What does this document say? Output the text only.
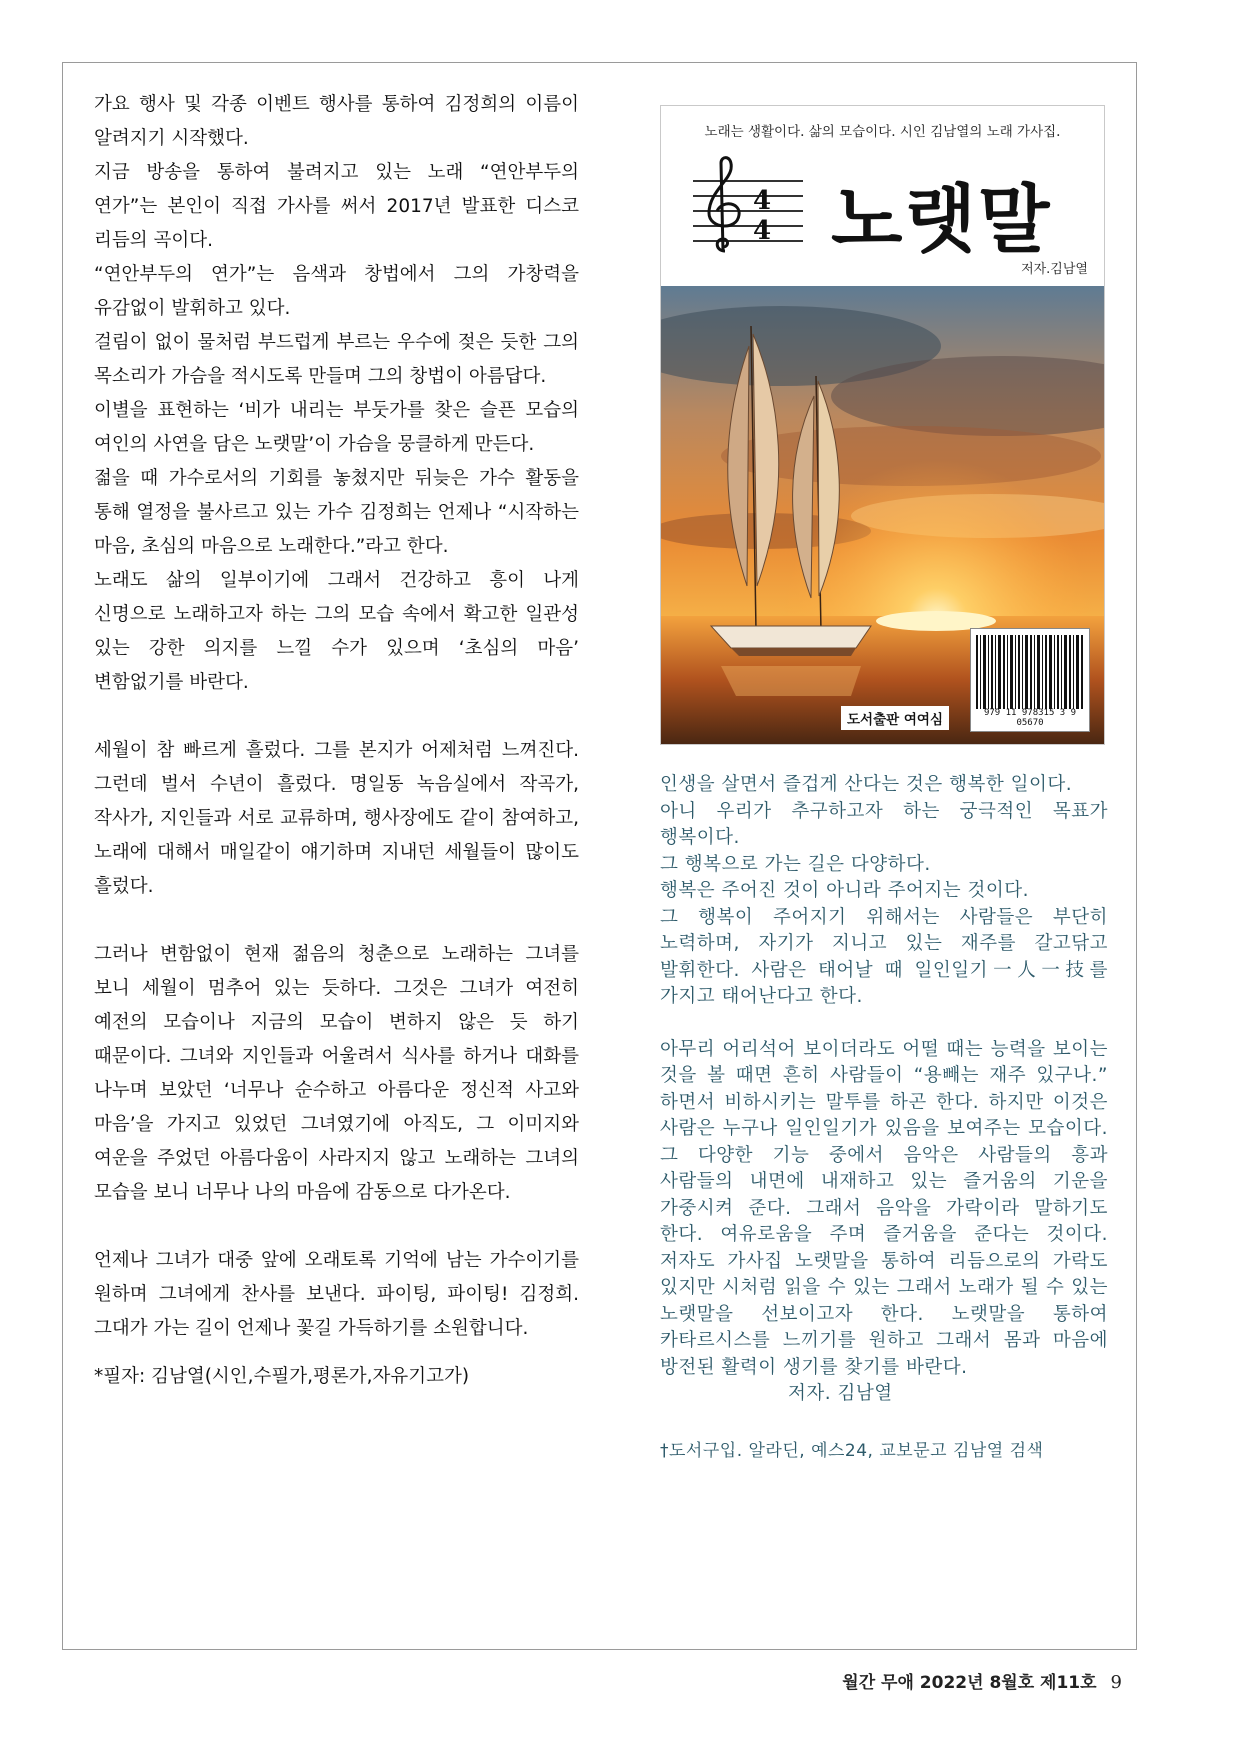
가요 행사 및 각종 이벤트 행사를 통하여 김정희의 이름이 알려지기 시작했다.

지금 방송을 통하여 불려지고 있는 노래 “연안부두의 연가”는 본인이 직접 가사를 써서 2017년 발표한 디스코 리듬의 곡이다.

“연안부두의 연가”는 음색과 창법에서 그의 가창력을 유감없이 발휘하고 있다.

걸림이 없이 물처럼 부드럽게 부르는 우수에 젖은 듯한 그의 목소리가 가슴을 적시도록 만들며 그의 창법이 아름답다.

이별을 표현하는 ‘비가 내리는 부둣가를 찾은 슬픈 모습의 여인의 사연을 담은 노랫말’이 가슴을 뭉클하게 만든다.

젊을 때 가수로서의 기회를 놓쳤지만 뒤늦은 가수 활동을 통해 열정을 불사르고 있는 가수 김정희는 언제나 “시작하는 마음, 초심의 마음으로 노래한다.”라고 한다.

노래도 삶의 일부이기에 그래서 건강하고 흥이 나게 신명으로 노래하고자 하는 그의 모습 속에서 확고한 일관성 있는 강한 의지를 느낄 수가 있으며 ‘초심의 마음’ 변함없기를 바란다.

세월이 참 빠르게 흘렀다. 그를 본지가 어제처럼 느껴진다. 그런데 벌서 수년이 흘렀다. 명일동 녹음실에서 작곡가, 작사가, 지인들과 서로 교류하며, 행사장에도 같이 참여하고, 노래에 대해서 매일같이 얘기하며 지내던 세월들이 많이도 흘렀다.

그러나 변함없이 현재 젊음의 청춘으로 노래하는 그녀를 보니 세월이 멈추어 있는 듯하다. 그것은 그녀가 여전히 예전의 모습이나 지금의 모습이 변하지 않은 듯 하기 때문이다. 그녀와 지인들과 어울려서 식사를 하거나 대화를 나누며 보았던 ‘너무나 순수하고 아름다운 정신적 사고와 마음’을 가지고 있었던 그녀였기에 아직도, 그 이미지와 여운을 주었던 아름다움이 사라지지 않고 노래하는 그녀의 모습을 보니 너무나 나의 마음에 감동으로 다가온다.

언제나 그녀가 대중 앞에 오래토록 기억에 남는 가수이기를 원하며 그녀에게 찬사를 보낸다. 파이팅, 파이팅! 김정희. 그대가 가는 길이 언제나 꽃길 가득하기를 소원합니다.

*필자: 김남열(시인,수필가,평론가,자유기고가)

노래는 생활이다. 삶의 모습이다. 시인 김남열의 노래 가사집.
4
4 노랫말
저자.김남열
979 11 978315 3 9 05670
도서출판 여여심

인생을 살면서 즐겁게 산다는 것은 행복한 일이다.

아니 우리가 추구하고자 하는 궁극적인 목표가 행복이다.

그 행복으로 가는 길은 다양하다.

행복은 주어진 것이 아니라 주어지는 것이다.

그 행복이 주어지기 위해서는 사람들은 부단히 노력하며, 자기가 지니고 있는 재주를 갈고닦고 발휘한다. 사람은 태어날 때 일인일기一人一技를 가지고 태어난다고 한다.

아무리 어리석어 보이더라도 어떨 때는 능력을 보이는 것을 볼 때면 흔히 사람들이 “용빼는 재주 있구나.” 하면서 비하시키는 말투를 하곤 한다. 하지만 이것은 사람은 누구나 일인일기가 있음을 보여주는 모습이다. 그 다양한 기능 중에서 음악은 사람들의 흥과 사람들의 내면에 내재하고 있는 즐거움의 기운을 가중시켜 준다. 그래서 음악을 가락이라 말하기도 한다. 여유로움을 주며 즐거움을 준다는 것이다. 저자도 가사집 노랫말을 통하여 리듬으로의 가락도 있지만 시처럼 읽을 수 있는 그래서 노래가 될 수 있는 노랫말을 선보이고자 한다. 노랫말을 통하여 카타르시스를 느끼기를 원하고 그래서 몸과 마음에 방전된 활력이 생기를 찾기를 바란다.

저자. 김남열

†도서구입. 알라딘, 예스24, 교보문고 김남열 검색

월간 무애 2022년 8월호 제11호 9
